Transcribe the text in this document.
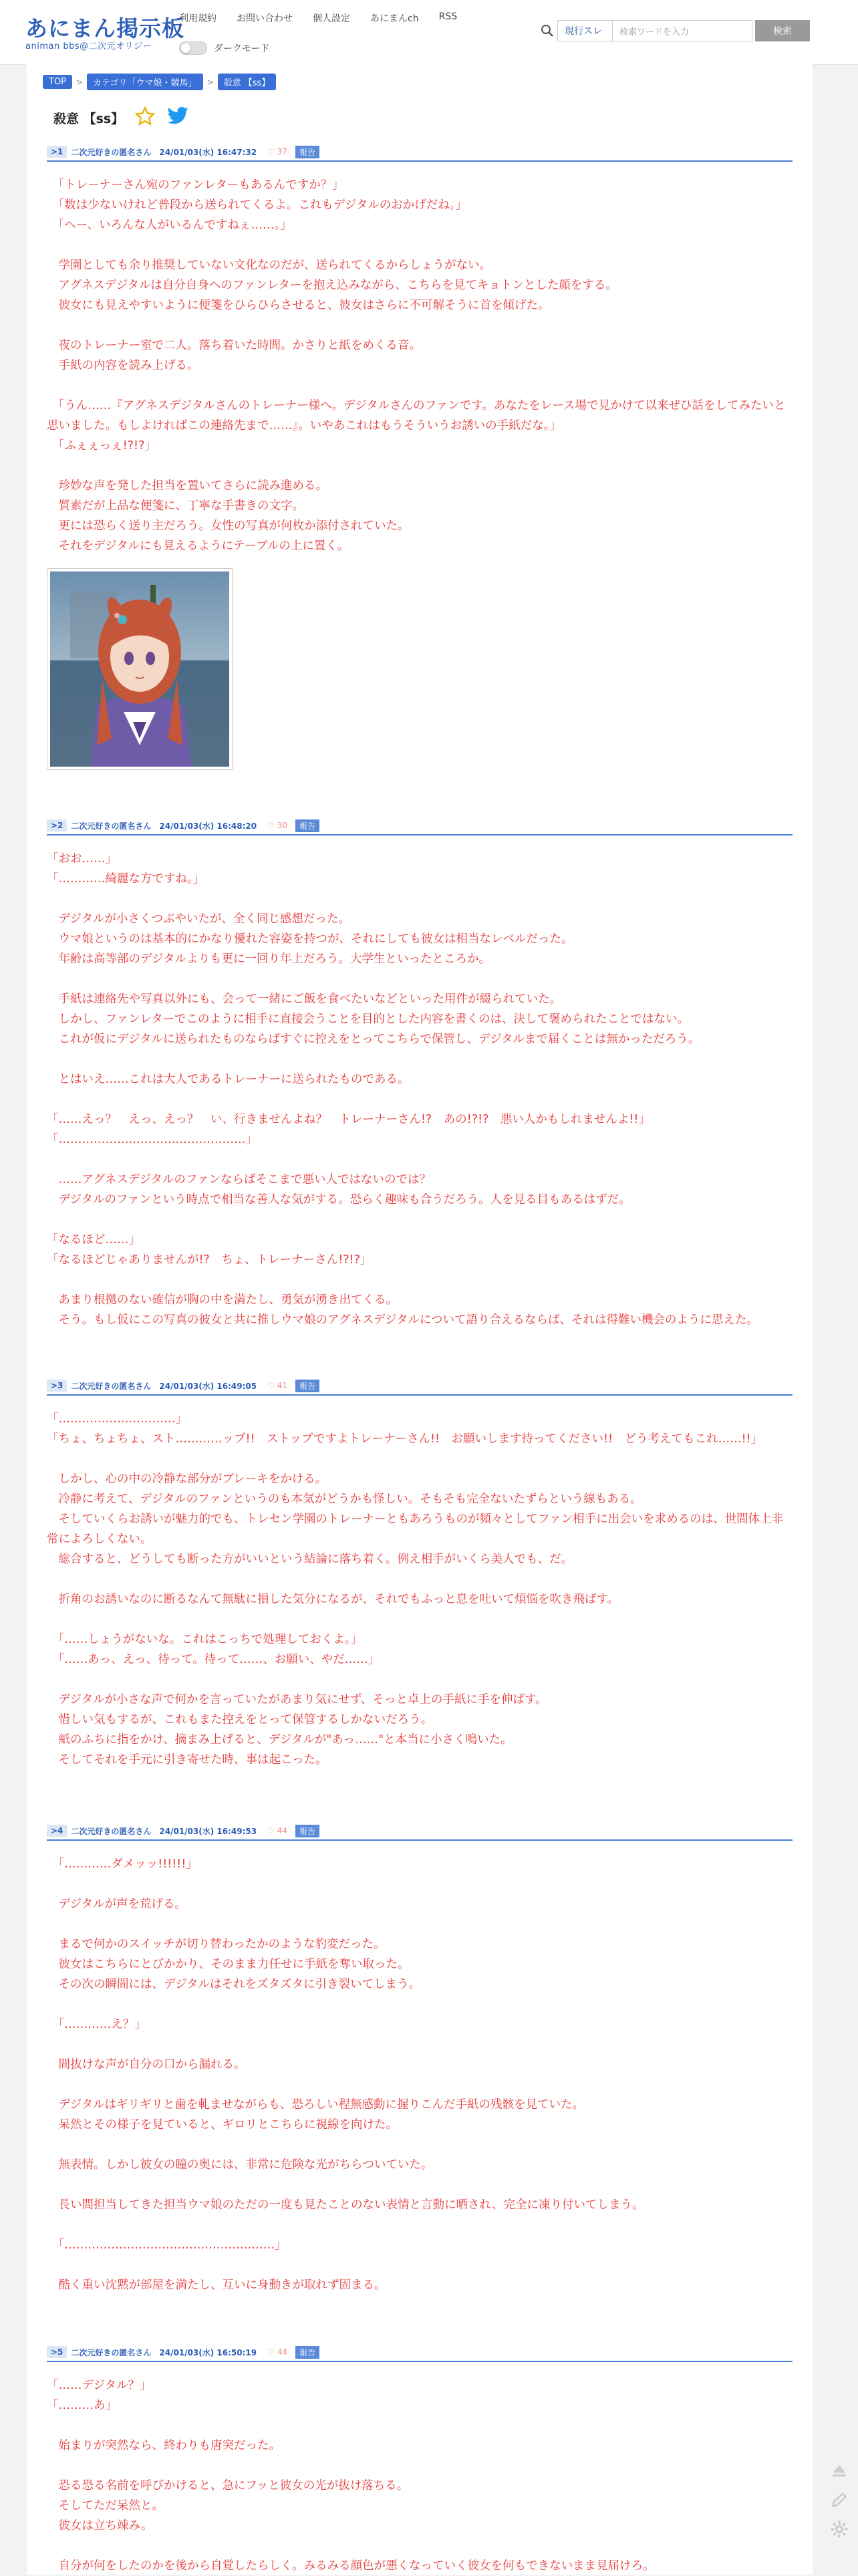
あにまん掲示板
animan bbs@二次元オリジー
利用規約 お問い合わせ 個人設定 あにまんch RSS
ダークモード
現行スレ	検索ワードを入力	検索
TOP	>	カテゴリ「ウマ娘・競馬」	>	殺意 【ss】
殺意 【ss】
>1	二次元好きの匿名さん 24/01/03(水) 16:47:32 ♡ 37	報告
　「トレーナーさん宛のファンレターもあるんですか？」
　「数は少ないけれど普段から送られてくるよ。これもデジタルのおかげだね。」
　「へー、いろんな人がいるんですねぇ……。」

　学園としても余り推奨していない文化なのだが、送られてくるからしょうがない。
　アグネスデジタルは自分自身へのファンレターを抱え込みながら、こちらを見てキョトンとした顔をする。
　彼女にも見えやすいように便箋をひらひらさせると、彼女はさらに不可解そうに首を傾げた。

　夜のトレーナー室で二人。落ち着いた時間。かさりと紙をめくる音。
　手紙の内容を読み上げる。

　「うん……『アグネスデジタルさんのトレーナー様へ。デジタルさんのファンです。あなたをレース場で見かけて以来ぜひ話をしてみたいと思いました。もしよければこの連絡先まで……』。いやあこれはもうそういうお誘いの手紙だな。」
　「ふぇぇっぇ!?!?」

　珍妙な声を発した担当を置いてさらに読み進める。
　質素だが上品な便箋に、丁寧な手書きの文字。
　更には恐らく送り主だろう。女性の写真が何枚か添付されていた。
　それをデジタルにも見えるようにテーブルの上に置く。
>2	二次元好きの匿名さん 24/01/03(水) 16:48:20 ♡ 30	報告
「おお……」
「…………綺麗な方ですね。」

　デジタルが小さくつぶやいたが、全く同じ感想だった。
　ウマ娘というのは基本的にかなり優れた容姿を持つが、それにしても彼女は相当なレベルだった。
　年齢は高等部のデジタルよりも更に一回り年上だろう。大学生といったところか。

　手紙は連絡先や写真以外にも、会って一緒にご飯を食べたいなどといった用件が綴られていた。
　しかし、ファンレターでこのように相手に直接会うことを目的とした内容を書くのは、決して褒められたことではない。
　これが仮にデジタルに送られたものならばすぐに控えをとってこちらで保管し、デジタルまで届くことは無かっただろう。

　とはいえ……これは大人であるトレーナーに送られたものである。

「……えっ？　えっ、えっ？　い、行きませんよね？　トレーナーさん!?　あの!?!?　悪い人かもしれませんよ!!」
「…………………………………………」

　……アグネスデジタルのファンならばそこまで悪い人ではないのでは？
　デジタルのファンという時点で相当な善人な気がする。恐らく趣味も合うだろう。人を見る目もあるはずだ。

「なるほど……」
「なるほどじゃありませんが!?　ちょ、トレーナーさん!?!?」

　あまり根拠のない確信が胸の中を満たし、勇気が湧き出てくる。
　そう。もし仮にこの写真の彼女と共に推しウマ娘のアグネスデジタルについて語り合えるならば、それは得難い機会のように思えた。
>3	二次元好きの匿名さん 24/01/03(水) 16:49:05 ♡ 41	報告
「…………………………」
「ちょ、ちょちょ、スト…………ップ!!　ストップですよトレーナーさん!!　お願いします待ってください!!　どう考えてもこれ……!!」

　しかし、心の中の冷静な部分がブレーキをかける。
　冷静に考えて、デジタルのファンというのも本気がどうかも怪しい。そもそも完全ないたずらという線もある。
　そしていくらお誘いが魅力的でも、トレセン学園のトレーナーともあろうものが頻々としてファン相手に出会いを求めるのは、世間体上非常によろしくない。
　総合すると、どうしても断った方がいいという結論に落ち着く。例え相手がいくら美人でも、だ。

　折角のお誘いなのに断るなんて無駄に損した気分になるが、それでもふっと息を吐いて煩悩を吹き飛ばす。

　「……しょうがないな。これはこっちで処理しておくよ。」
　「……あっ、えっ、待って。待って……、お願い、やだ……」

　デジタルが小さな声で何かを言っていたがあまり気にせず、そっと卓上の手紙に手を伸ばす。
　惜しい気もするが、これもまた控えをとって保管するしかないだろう。
　紙のふちに指をかけ、摘まみ上げると、デジタルが"あっ……"と本当に小さく鳴いた。
　そしてそれを手元に引き寄せた時、事は起こった。

>4	二次元好きの匿名さん 24/01/03(水) 16:49:53 ♡ 44	報告
　「…………ダメッッ!!!!!!」

　デジタルが声を荒げる。

　まるで何かのスイッチが切り替わったかのような豹変だった。
　彼女はこちらにとびかかり、そのまま力任せに手紙を奪い取った。
　その次の瞬間には、デジタルはそれをズタズタに引き裂いてしまう。

　「…………え？」

　間抜けな声が自分の口から漏れる。

　デジタルはギリギリと歯を軋ませながらも、恐ろしい程無感動に握りこんだ手紙の残骸を見ていた。
　呆然とその様子を見ていると、ギロリとこちらに視線を向けた。

　無表情。しかし彼女の瞳の奥には、非常に危険な光がちらついていた。

　長い間担当してきた担当ウマ娘のただの一度も見たことのない表情と言動に晒され、完全に凍り付いてしまう。

　「………………………………………………」

　酷く重い沈黙が部屋を満たし、互いに身動きが取れず固まる。
>5	二次元好きの匿名さん 24/01/03(水) 16:50:19 ♡ 44	報告
「……デジタル？」
「………あ」

　始まりが突然なら、終わりも唐突だった。

　恐る恐る名前を呼びかけると、急にフッと彼女の光が抜け落ちる。
　そしてただ呆然と。
　彼女は立ち竦み。

　自分が何をしたのかを後から自覚したらしく。みるみる顔色が悪くなっていく彼女を何もできないまま見届けろ。
